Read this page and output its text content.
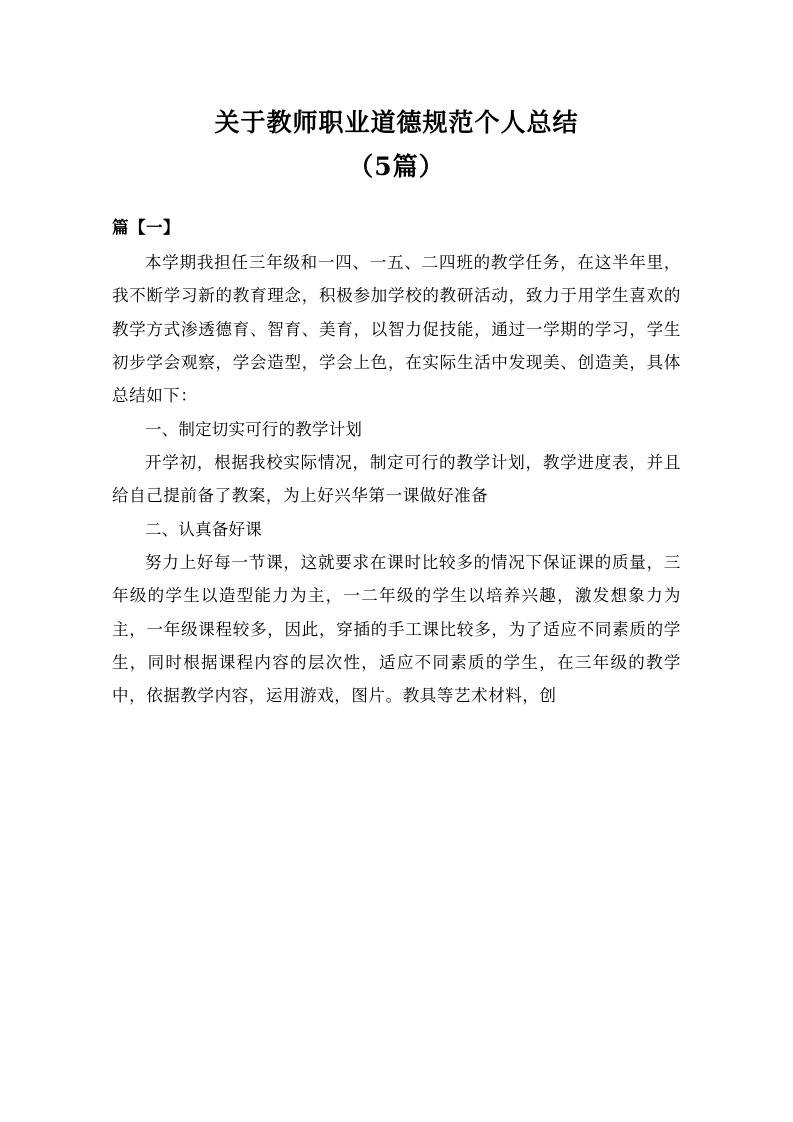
关于教师职业道德规范个人总结
（5篇）

篇【一】

本学期我担任三年级和一四、一五、二四班的教学任务，在这半年里，我不断学习新的教育理念，积极参加学校的教研活动，致力于用学生喜欢的教学方式渗透德育、智育、美育，以智力促技能，通过一学期的学习，学生初步学会观察，学会造型，学会上色，在实际生活中发现美、创造美，具体总结如下：

一、制定切实可行的教学计划

开学初，根据我校实际情况，制定可行的教学计划，教学进度表，并且给自己提前备了教案，为上好兴华第一课做好准备

二、认真备好课

努力上好每一节课，这就要求在课时比较多的情况下保证课的质量，三年级的学生以造型能力为主，一二年级的学生以培养兴趣，激发想象力为主，一年级课程较多，因此，穿插的手工课比较多，为了适应不同素质的学生，同时根据课程内容的层次性，适应不同素质的学生，在三年级的教学中，依据教学内容，运用游戏，图片。教具等艺术材料，创
